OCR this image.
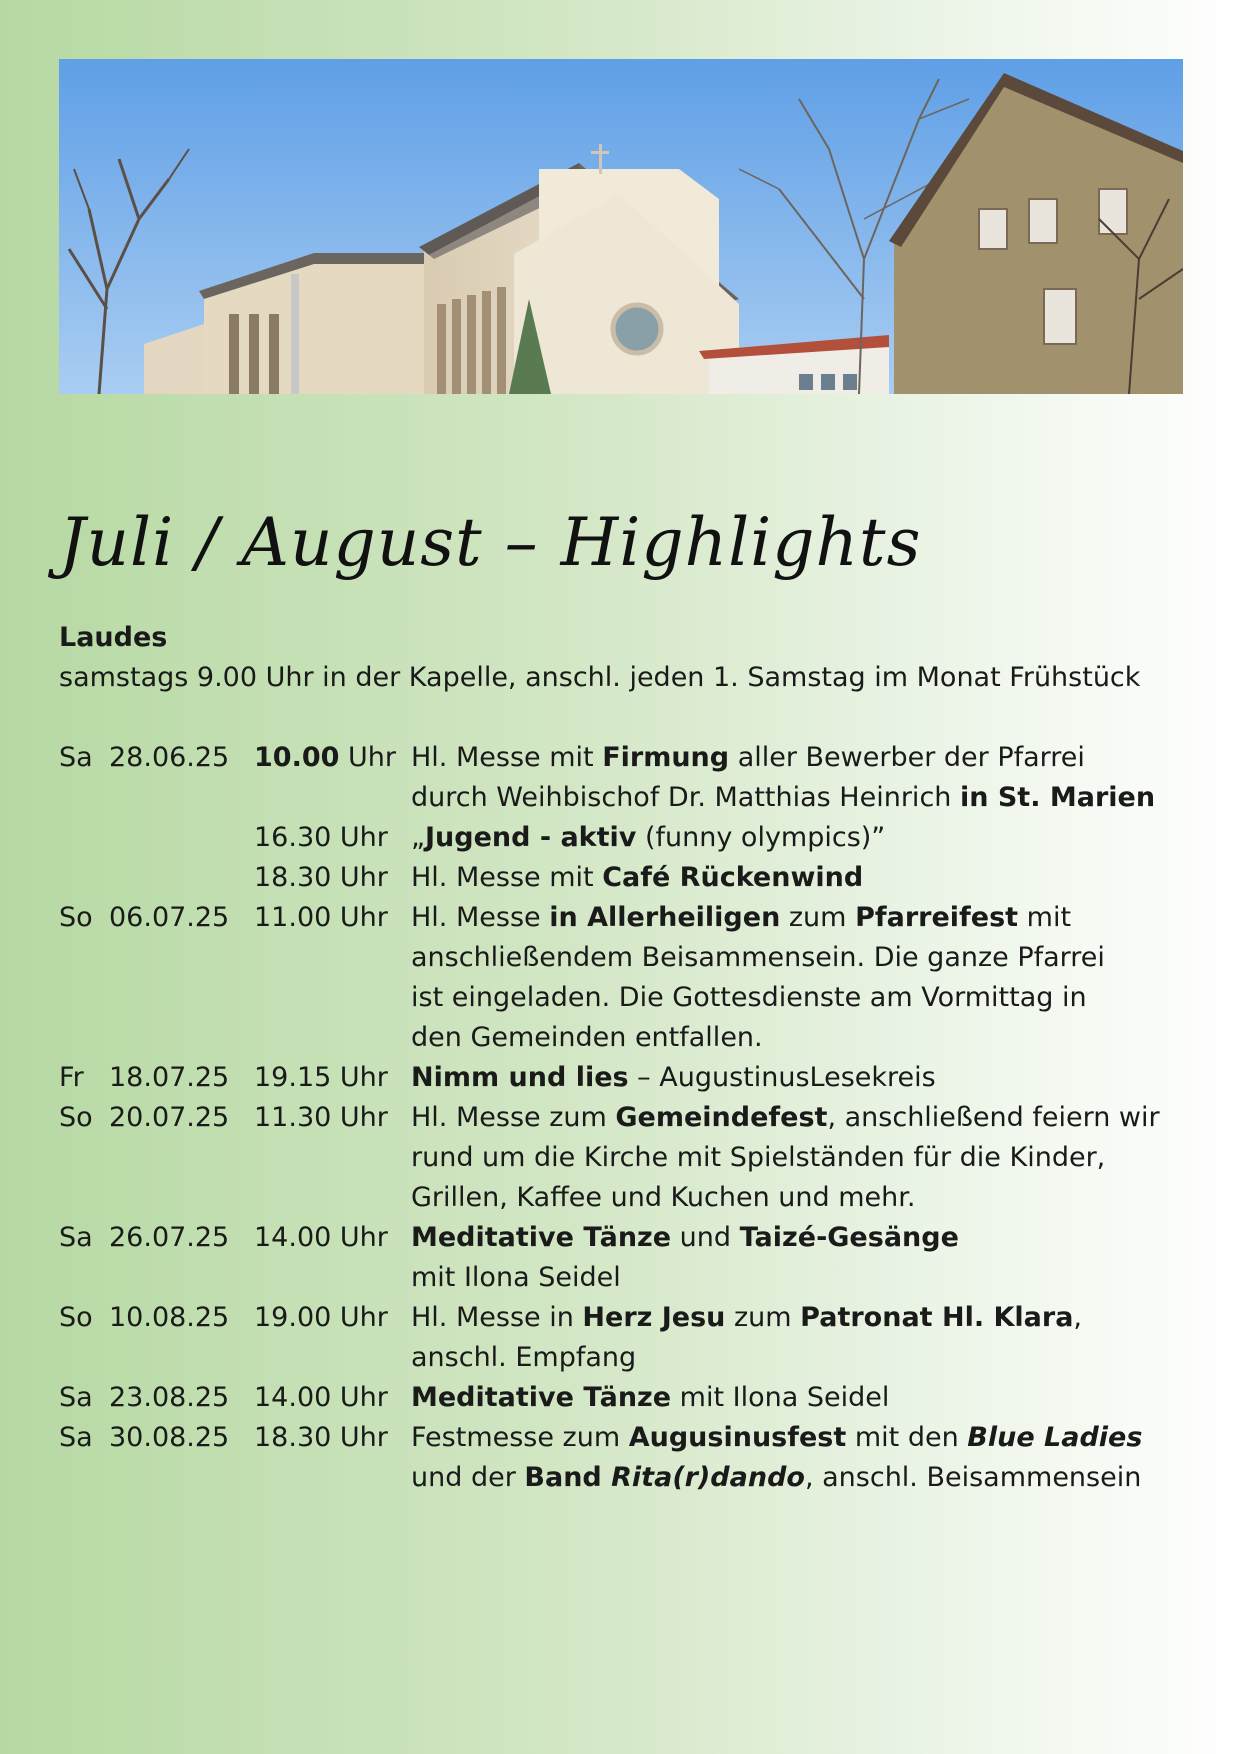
Juli / August – Highlights
Laudes
samstags 9.00 Uhr in der Kapelle, anschl. jeden 1. Samstag im Monat Frühstück
Sa 28.06.25 10.00 Uhr Hl. Messe mit Firmung aller Bewerber der Pfarrei
durch Weihbischof Dr. Matthias Heinrich in St. Marien
16.30 Uhr „Jugend - aktiv (funny olympics)”
18.30 Uhr Hl. Messe mit Café Rückenwind
So 06.07.25 11.00 Uhr Hl. Messe in Allerheiligen zum Pfarreifest mit
anschließendem Beisammensein. Die ganze Pfarrei
ist eingeladen. Die Gottesdienste am Vormittag in
den Gemeinden entfallen.
Fr 18.07.25 19.15 Uhr Nimm und lies – AugustinusLesekreis
So 20.07.25 11.30 Uhr Hl. Messe zum Gemeindefest, anschließend feiern wir
rund um die Kirche mit Spielständen für die Kinder,
Grillen, Kaffee und Kuchen und mehr.
Sa 26.07.25 14.00 Uhr Meditative Tänze und Taizé-Gesänge
mit Ilona Seidel
So 10.08.25 19.00 Uhr Hl. Messe in Herz Jesu zum Patronat Hl. Klara,
anschl. Empfang
Sa 23.08.25 14.00 Uhr Meditative Tänze mit Ilona Seidel
Sa 30.08.25 18.30 Uhr Festmesse zum Augusinusfest mit den Blue Ladies
und der Band Rita(r)dando, anschl. Beisammensein
